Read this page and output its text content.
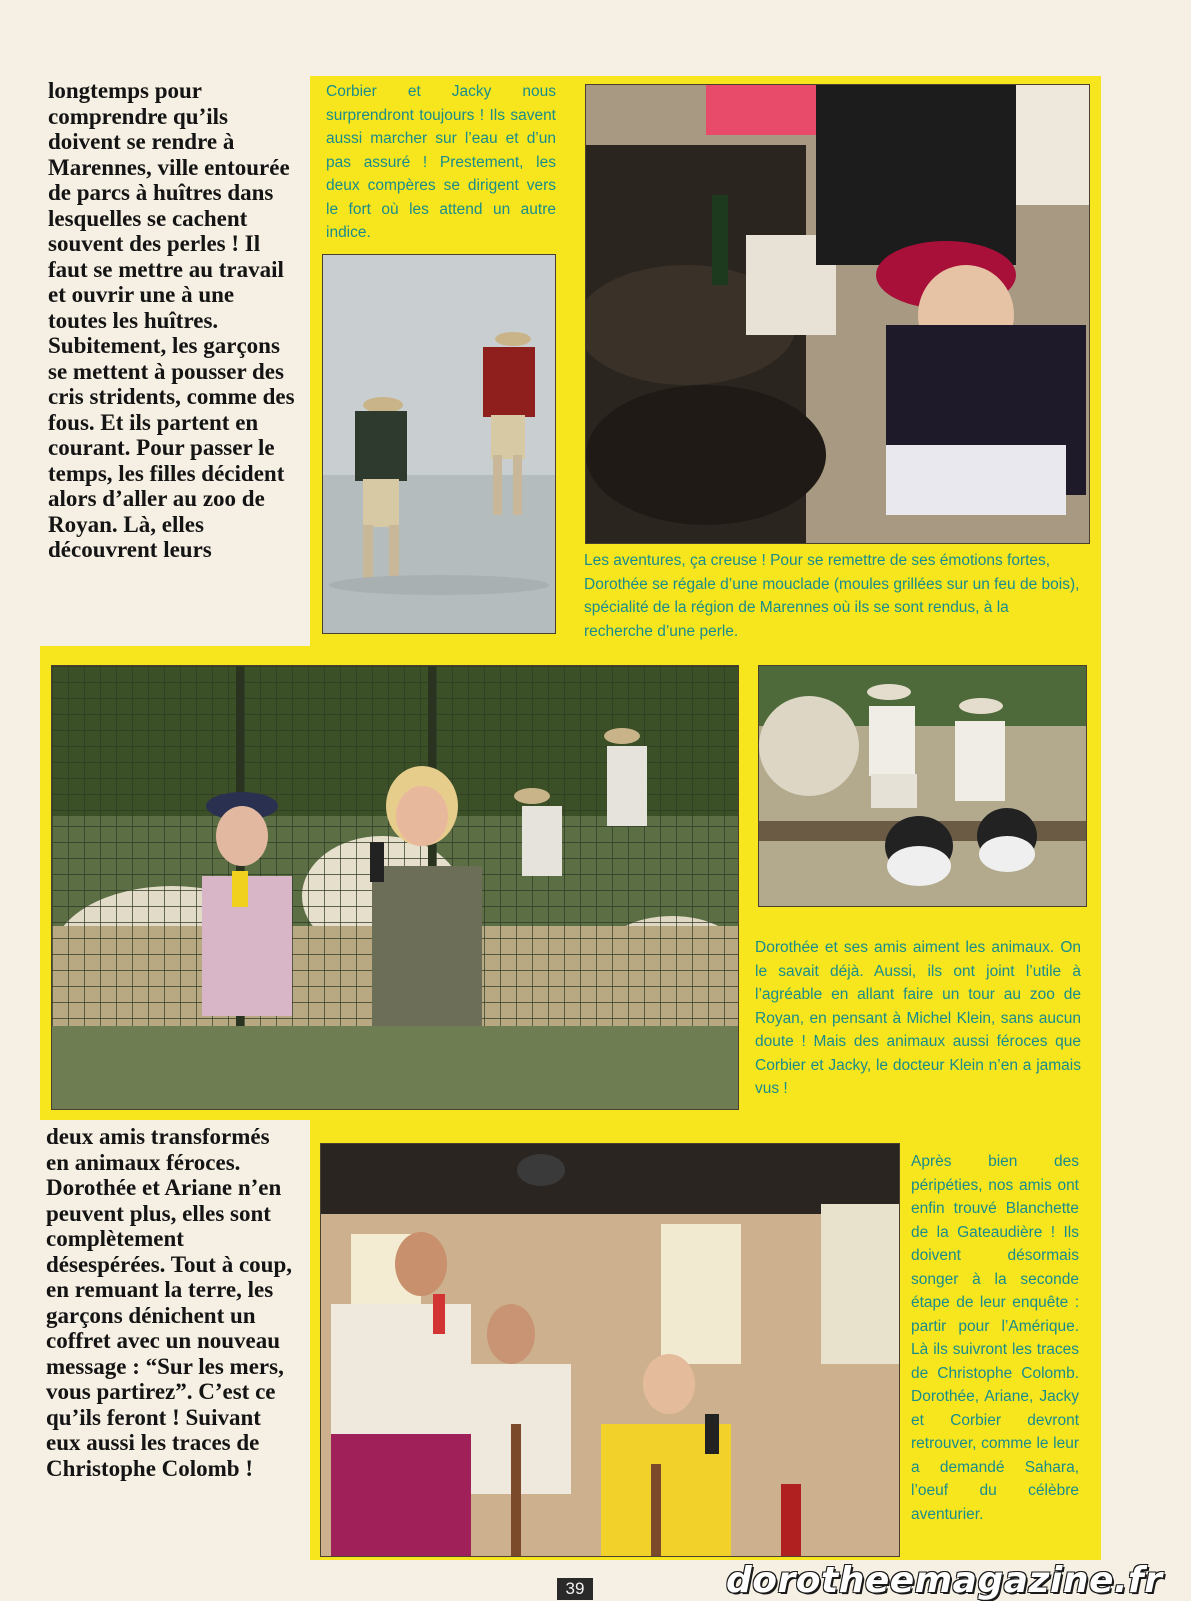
longtemps pour comprendre qu’ils doivent se rendre à Marennes, ville entourée de parcs à huîtres dans lesquelles se cachent souvent des perles ! Il faut se mettre au travail et ouvrir une à une toutes les huîtres. Subitement, les garçons se mettent à pousser des cris stridents, comme des fous. Et ils partent en courant. Pour passer le temps, les filles décident alors d’aller au zoo de Royan. Là, elles découvrent leurs

deux amis transformés en animaux féroces. Dorothée et Ariane n’en peuvent plus, elles sont complètement désespérées. Tout à coup, en remuant la terre, les garçons dénichent un coffret avec un nouveau message : “Sur les mers, vous partirez”. C’est ce qu’ils feront ! Suivant eux aussi les traces de Christophe Colomb !

Corbier et Jacky nous surprendront toujours ! Ils savent aussi marcher sur l’eau et d’un pas assuré ! Prestement, les deux compères se dirigent vers le fort où les attend un autre indice.

Les aventures, ça creuse ! Pour se remettre de ses émotions fortes, Dorothée se régale d’une mouclade (moules grillées sur un feu de bois), spécialité de la région de Marennes où ils se sont rendus, à la recherche d’une perle.

Dorothée et ses amis aiment les animaux. On le savait déjà. Aussi, ils ont joint l’utile à l’agréable en allant faire un tour au zoo de Royan, en pensant à Michel Klein, sans aucun doute ! Mais des animaux aussi féroces que Corbier et Jacky, le docteur Klein n’en a jamais vus !

Après bien des péripéties, nos amis ont enfin trouvé Blanchette de la Gateaudière ! Ils doivent désormais songer à la seconde étape de leur enquête : partir pour l’Amérique. Là ils suivront les traces de Christophe Colomb. Dorothée, Ariane, Jacky et Corbier devront retrouver, comme le leur a demandé Sahara, l’oeuf du célèbre aventurier.

39	dorotheemagazine.fr
